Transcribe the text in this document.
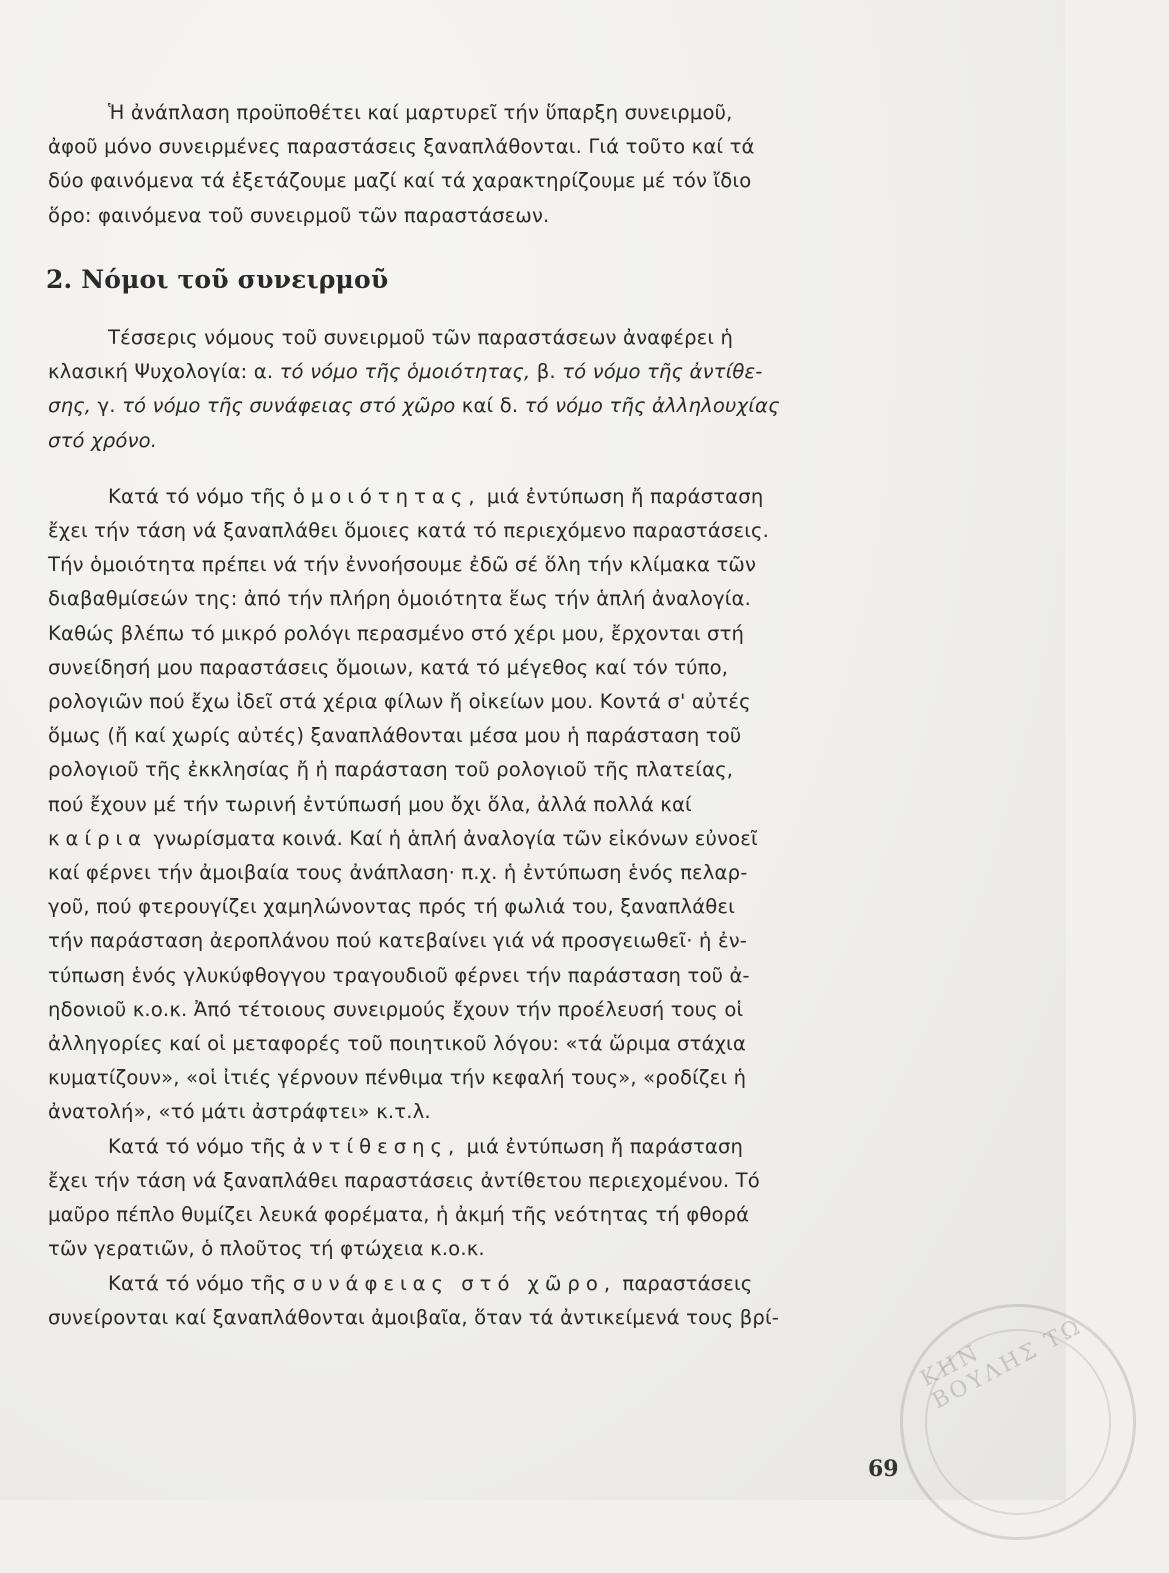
ΚΗΝ ΒΟΥΛΗΣ ΤΩ

Ἡ ἀνάπλαση προϋποθέτει καί μαρτυρεῖ τήν ὕπαρξη συνειρμοῦ,

ἀφοῦ μόνο συνειρμένες παραστάσεις ξαναπλάθονται. Γιά τοῦτο καί τά

δύο φαινόμενα τά ἐξετάζουμε μαζί καί τά χαρακτηρίζουμε μέ τόν ἴδιο

ὅρο: φαινόμενα τοῦ συνειρμοῦ τῶν παραστάσεων.

2. Νόμοι τοῦ συνειρμοῦ

Τέσσερις νόμους τοῦ συνειρμοῦ τῶν παραστάσεων ἀναφέρει ἡ

κλασική Ψυχολογία: α. τό νόμο τῆς ὁμοιότητας, β. τό νόμο τῆς ἀντίθε-

σης, γ. τό νόμο τῆς συνάφειας στό χῶρο καί δ. τό νόμο τῆς ἀλληλουχίας

στό χρόνο.

Κατά τό νόμο τῆς ὁμοιότητας, μιά ἐντύπωση ἤ παράσταση

ἔχει τήν τάση νά ξαναπλάθει ὅμοιες κατά τό περιεχόμενο παραστάσεις.

Τήν ὁμοιότητα πρέπει νά τήν ἐννοήσουμε ἐδῶ σέ ὅλη τήν κλίμακα τῶν

διαβαθμίσεών της: ἀπό τήν πλήρη ὁμοιότητα ἕως τήν ἁπλή ἀναλογία.

Καθώς βλέπω τό μικρό ρολόγι περασμένο στό χέρι μου, ἔρχονται στή

συνείδησή μου παραστάσεις ὅμοιων, κατά τό μέγεθος καί τόν τύπο,

ρολογιῶν πού ἔχω ἰδεῖ στά χέρια φίλων ἤ οἰκείων μου. Κοντά σ' αὐτές

ὅμως (ἤ καί χωρίς αὐτές) ξαναπλάθονται μέσα μου ἡ παράσταση τοῦ

ρολογιοῦ τῆς ἐκκλησίας ἤ ἡ παράσταση τοῦ ρολογιοῦ τῆς πλατείας,

πού ἔχουν μέ τήν τωρινή ἐντύπωσή μου ὄχι ὅλα, ἀλλά πολλά καί

καίρια γνωρίσματα κοινά. Καί ἡ ἁπλή ἀναλογία τῶν εἰκόνων εὐνοεῖ

καί φέρνει τήν ἀμοιβαία τους ἀνάπλαση· π.χ. ἡ ἐντύπωση ἑνός πελαρ-

γοῦ, πού φτερουγίζει χαμηλώνοντας πρός τή φωλιά του, ξαναπλάθει

τήν παράσταση ἀεροπλάνου πού κατεβαίνει γιά νά προσγειωθεῖ· ἡ ἐν-

τύπωση ἑνός γλυκύφθογγου τραγουδιοῦ φέρνει τήν παράσταση τοῦ ἀ-

ηδονιοῦ κ.ο.κ. Ἀπό τέτοιους συνειρμούς ἔχουν τήν προέλευσή τους οἱ

ἀλληγορίες καί οἱ μεταφορές τοῦ ποιητικοῦ λόγου: «τά ὥριμα στάχια

κυματίζουν», «οἱ ἰτιές γέρνουν πένθιμα τήν κεφαλή τους», «ροδίζει ἡ

ἀνατολή», «τό μάτι ἀστράφτει» κ.τ.λ.

Κατά τό νόμο τῆς ἀντίθεσης, μιά ἐντύπωση ἤ παράσταση

ἔχει τήν τάση νά ξαναπλάθει παραστάσεις ἀντίθετου περιεχομένου. Τό

μαῦρο πέπλο θυμίζει λευκά φορέματα, ἡ ἀκμή τῆς νεότητας τή φθορά

τῶν γερατιῶν, ὁ πλοῦτος τή φτώχεια κ.ο.κ.

Κατά τό νόμο τῆς συνάφειας στό χῶρο, παραστάσεις

συνείρονται καί ξαναπλάθονται ἀμοιβαῖα, ὅταν τά ἀντικείμενά τους βρί-

69
